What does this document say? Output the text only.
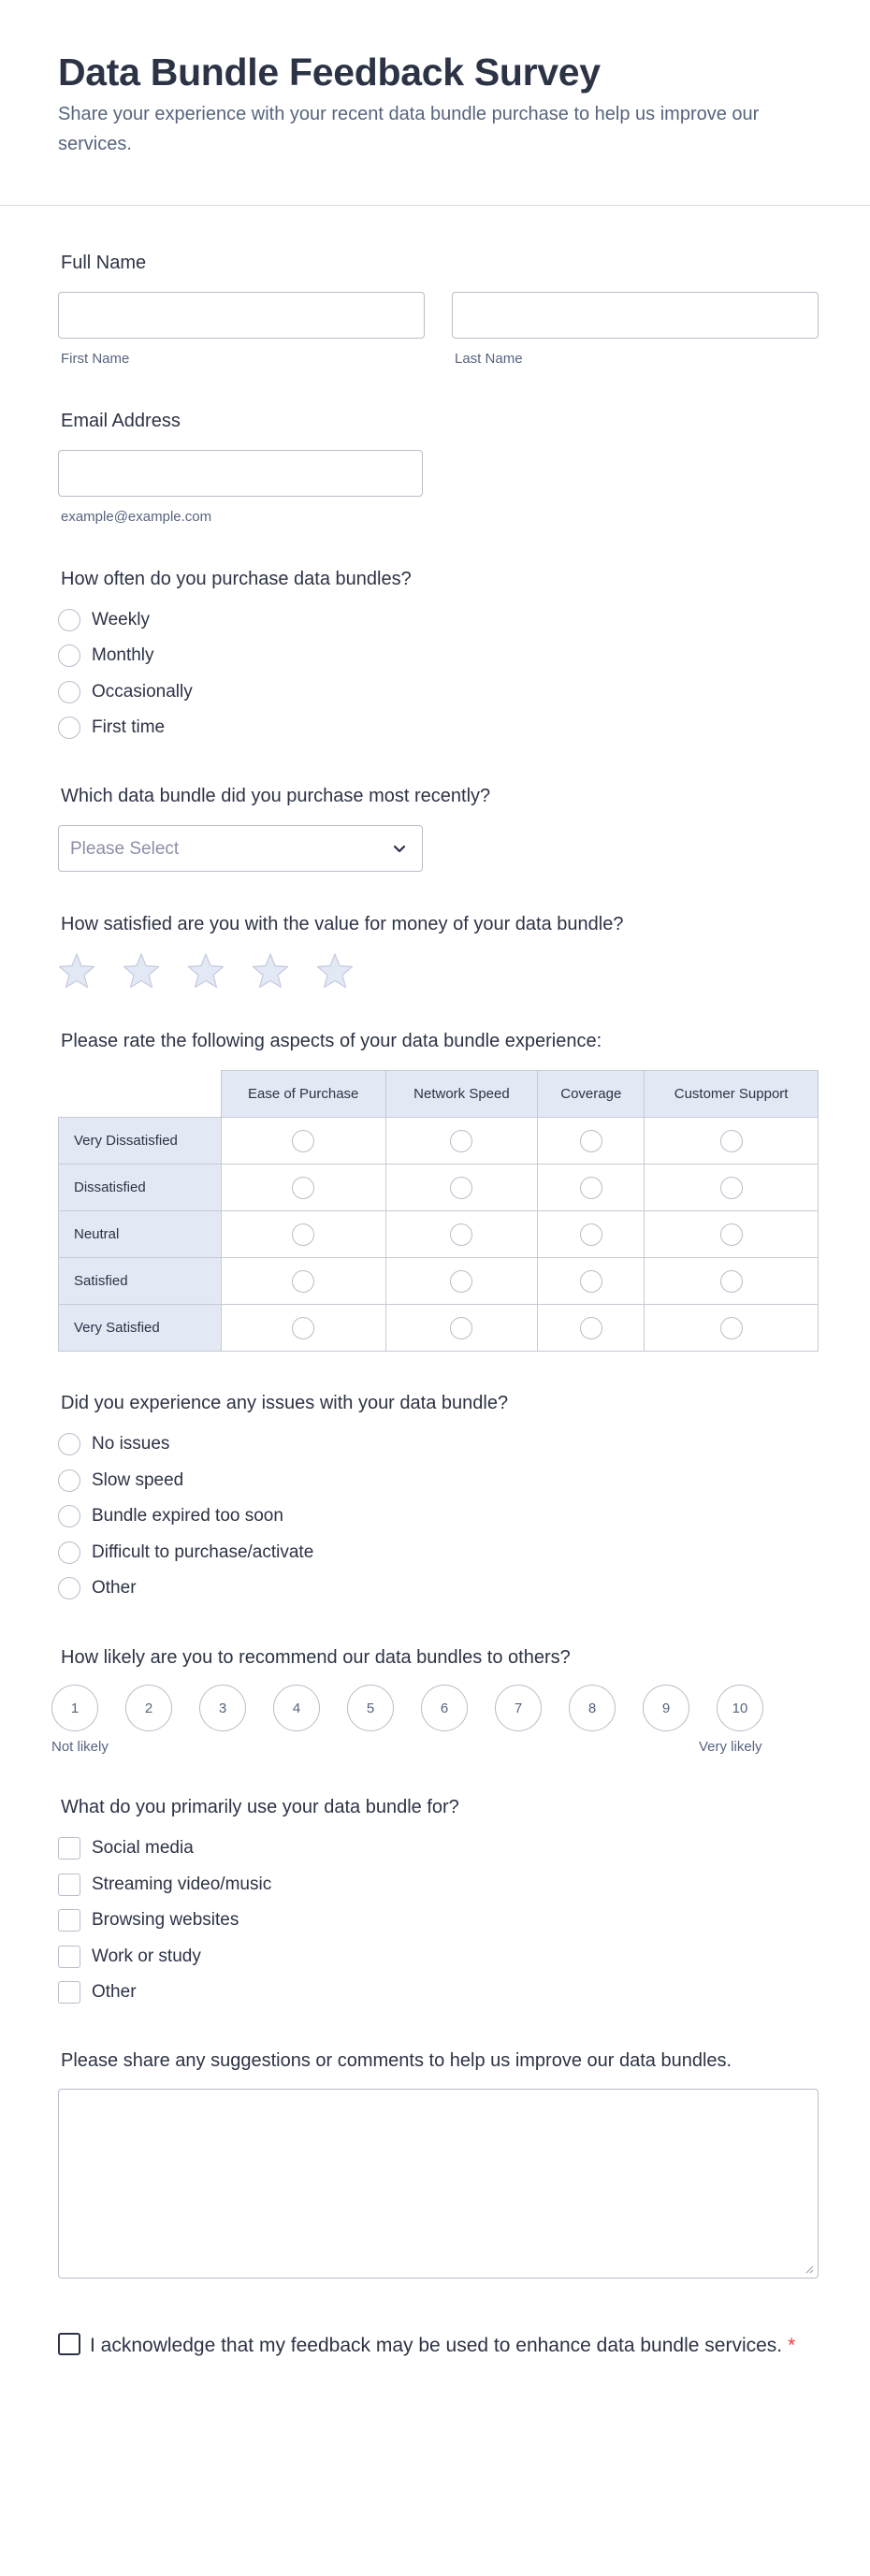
Data Bundle Feedback Survey
Share your experience with your recent data bundle purchase to help us improve our services.
Full Name
First Name	Last Name
Email Address
example@example.com
How often do you purchase data bundles?
Weekly
Monthly
Occasionally
First time
Which data bundle did you purchase most recently?
Please Select
How satisfied are you with the value for money of your data bundle?
Please rate the following aspects of your data bundle experience:
	Ease of Purchase	Network Speed	Coverage	Customer Support
Very Dissatisfied				
Dissatisfied				
Neutral				
Satisfied				
Very Satisfied				
Did you experience any issues with your data bundle?
No issues
Slow speed
Bundle expired too soon
Difficult to purchase/activate
Other
How likely are you to recommend our data bundles to others?
1	2	3	4	5	6	7	8	9	10
Not likely	Very likely
What do you primarily use your data bundle for?
Social media
Streaming video/music
Browsing websites
Work or study
Other
Please share any suggestions or comments to help us improve our data bundles.
I acknowledge that my feedback may be used to enhance data bundle services. *
